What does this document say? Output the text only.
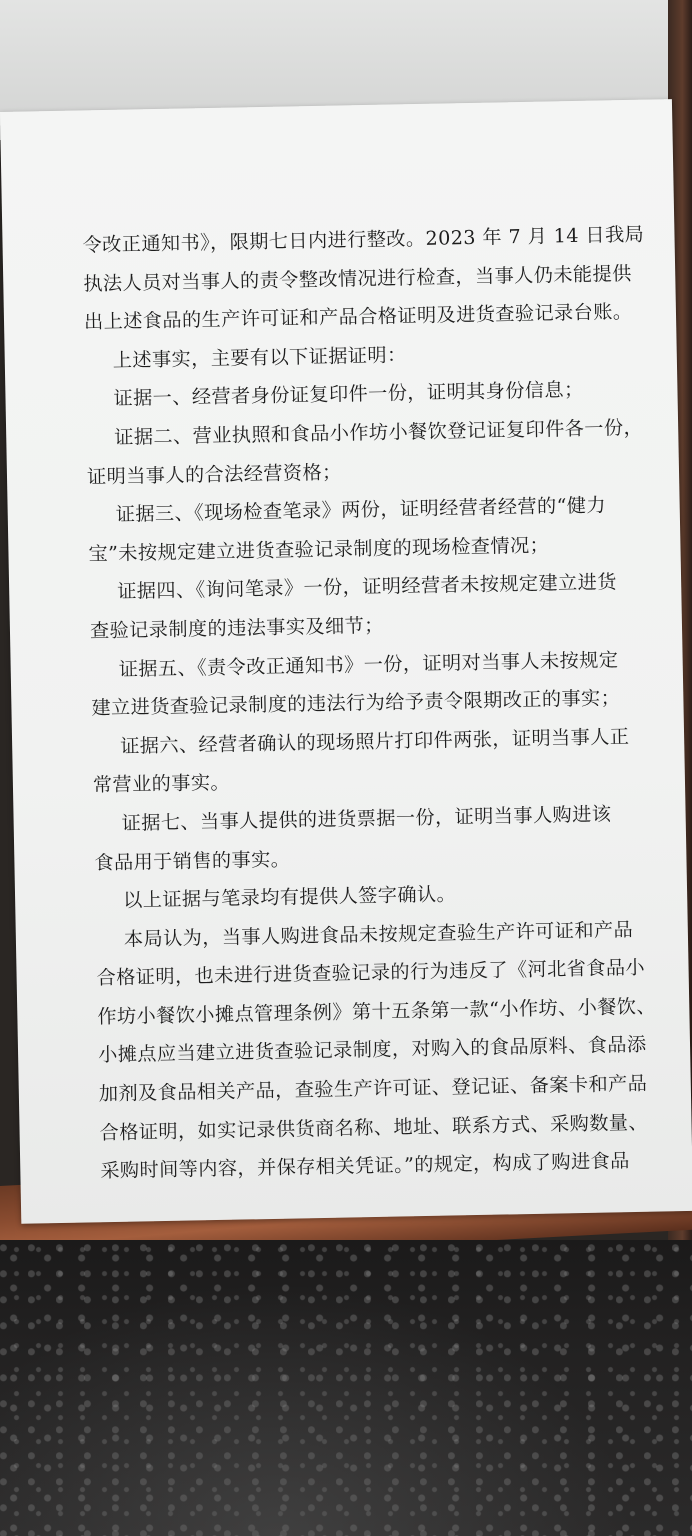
令改正通知书》，限期七日内进行整改。2023 年 7 月 14 日我局
执法人员对当事人的责令整改情况进行检查，当事人仍未能提供
出上述食品的生产许可证和产品合格证明及进货查验记录台账。
上述事实，主要有以下证据证明：
证据一、经营者身份证复印件一份，证明其身份信息；
证据二、营业执照和食品小作坊小餐饮登记证复印件各一份，
证明当事人的合法经营资格；
证据三、《现场检查笔录》两份，证明经营者经营的“健力
宝”未按规定建立进货查验记录制度的现场检查情况；
证据四、《询问笔录》一份，证明经营者未按规定建立进货
查验记录制度的违法事实及细节；
证据五、《责令改正通知书》一份，证明对当事人未按规定
建立进货查验记录制度的违法行为给予责令限期改正的事实；
证据六、经营者确认的现场照片打印件两张，证明当事人正
常营业的事实。
证据七、当事人提供的进货票据一份，证明当事人购进该
食品用于销售的事实。
以上证据与笔录均有提供人签字确认。
本局认为，当事人购进食品未按规定查验生产许可证和产品
合格证明，也未进行进货查验记录的行为违反了《河北省食品小
作坊小餐饮小摊点管理条例》第十五条第一款“小作坊、小餐饮、
小摊点应当建立进货查验记录制度，对购入的食品原料、食品添
加剂及食品相关产品，查验生产许可证、登记证、备案卡和产品
合格证明，如实记录供货商名称、地址、联系方式、采购数量、
采购时间等内容，并保存相关凭证。”的规定，构成了购进食品
